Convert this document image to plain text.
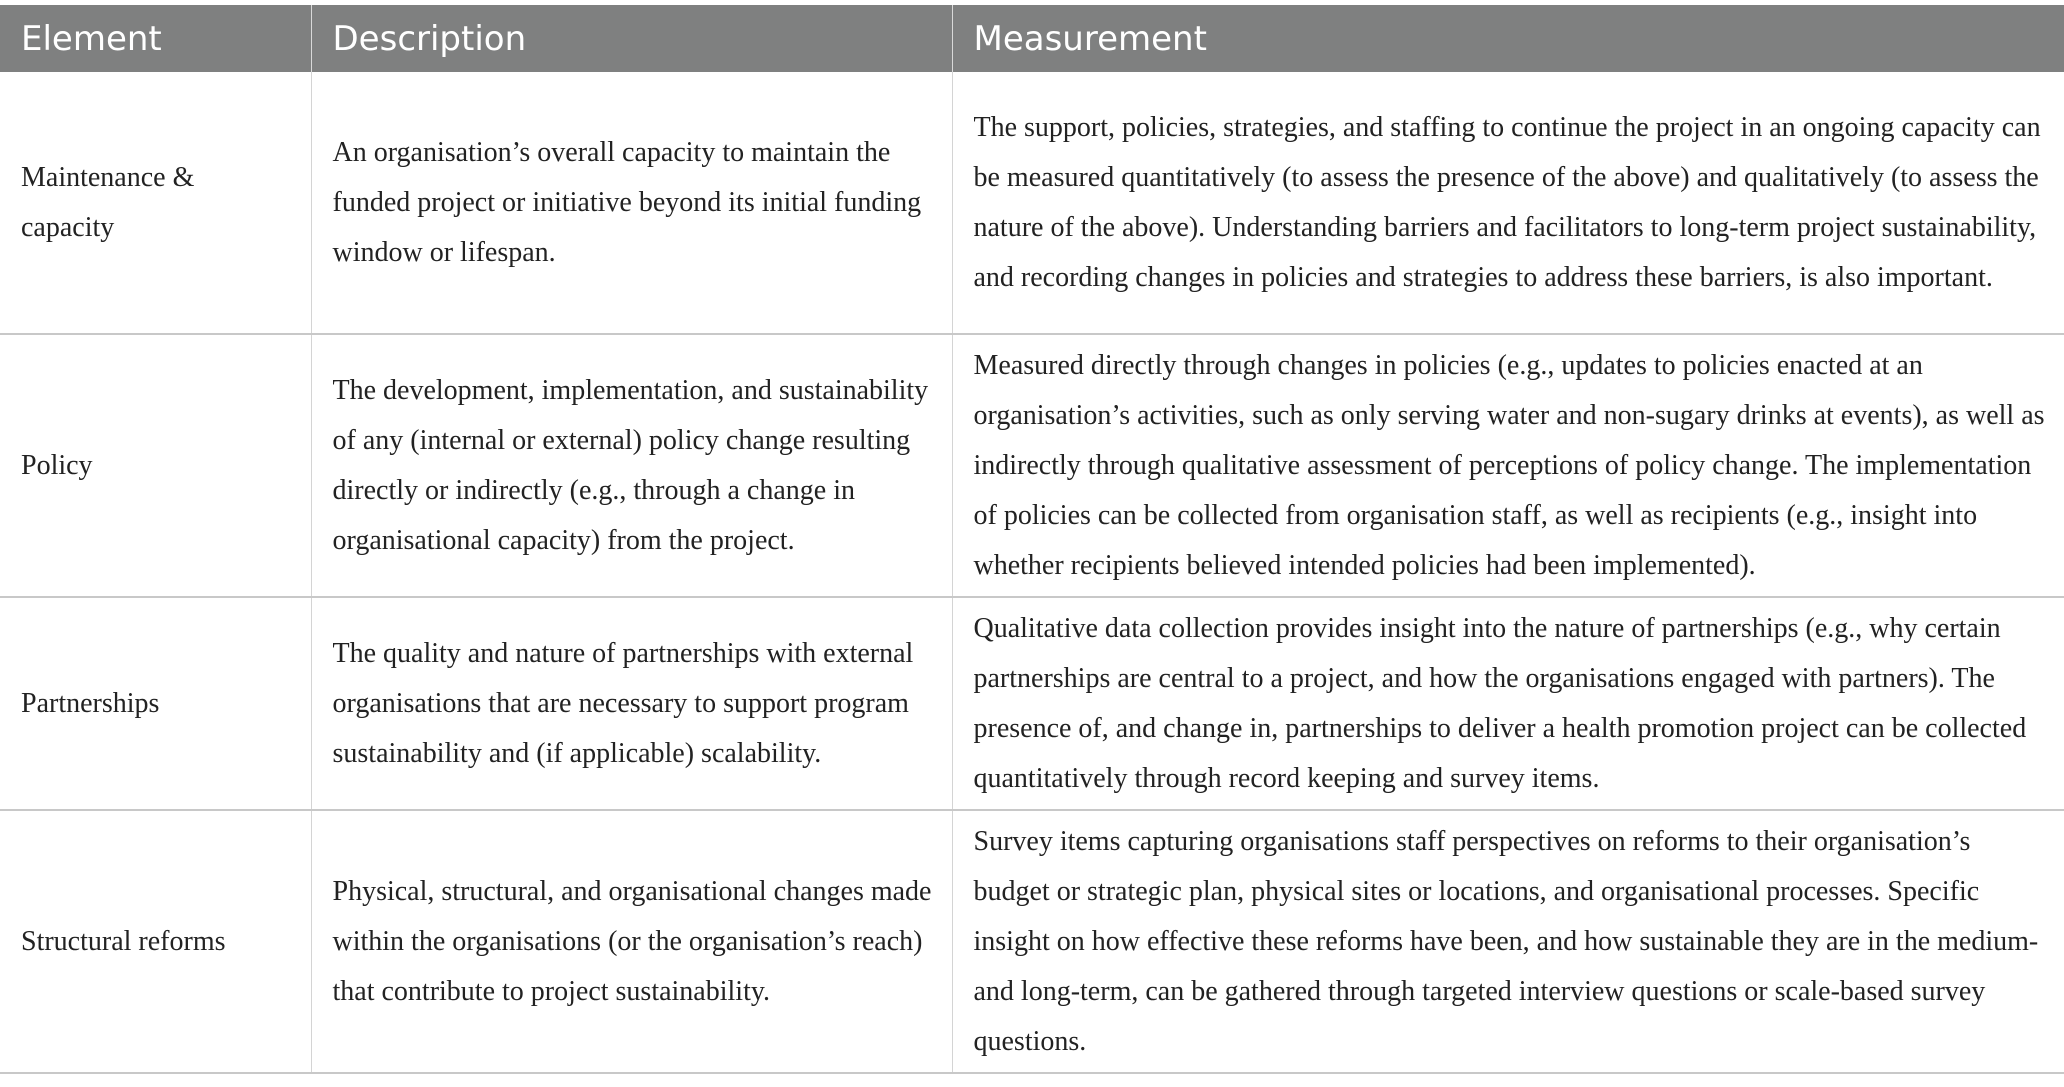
Element	Description	Measurement
Maintenance & capacity	An organisation’s overall capacity to maintain the funded project or initiative beyond its initial funding window or lifespan.	The support, policies, strategies, and staffing to continue the project in an ongoing capacity can be measured quantitatively (to assess the presence of the above) and qualitatively (to assess the nature of the above). Understanding barriers and facilitators to long-term project sustainability, and recording changes in policies and strategies to address these barriers, is also important.
Policy	The development, implementation, and sustainability of any (internal or external) policy change resulting directly or indirectly (e.g., through a change in organisational capacity) from the project.	Measured directly through changes in policies (e.g., updates to policies enacted at an organisation’s activities, such as only serving water and non-sugary drinks at events), as well as indirectly through qualitative assessment of perceptions of policy change. The implementation of policies can be collected from organisation staff, as well as recipients (e.g., insight into whether recipients believed intended policies had been implemented).
Partnerships	The quality and nature of partnerships with external organisations that are necessary to support program sustainability and (if applicable) scalability.	Qualitative data collection provides insight into the nature of partnerships (e.g., why certain partnerships are central to a project, and how the organisations engaged with partners). The presence of, and change in, partnerships to deliver a health promotion project can be collected quantitatively through record keeping and survey items.
Structural reforms	Physical, structural, and organisational changes made within the organisations (or the organisation’s reach) that contribute to project sustainability.	Survey items capturing organisations staff perspectives on reforms to their organisation’s budget or strategic plan, physical sites or locations, and organisational processes. Specific insight on how effective these reforms have been, and how sustainable they are in the medium- and long-term, can be gathered through targeted interview questions or scale-based survey questions.
